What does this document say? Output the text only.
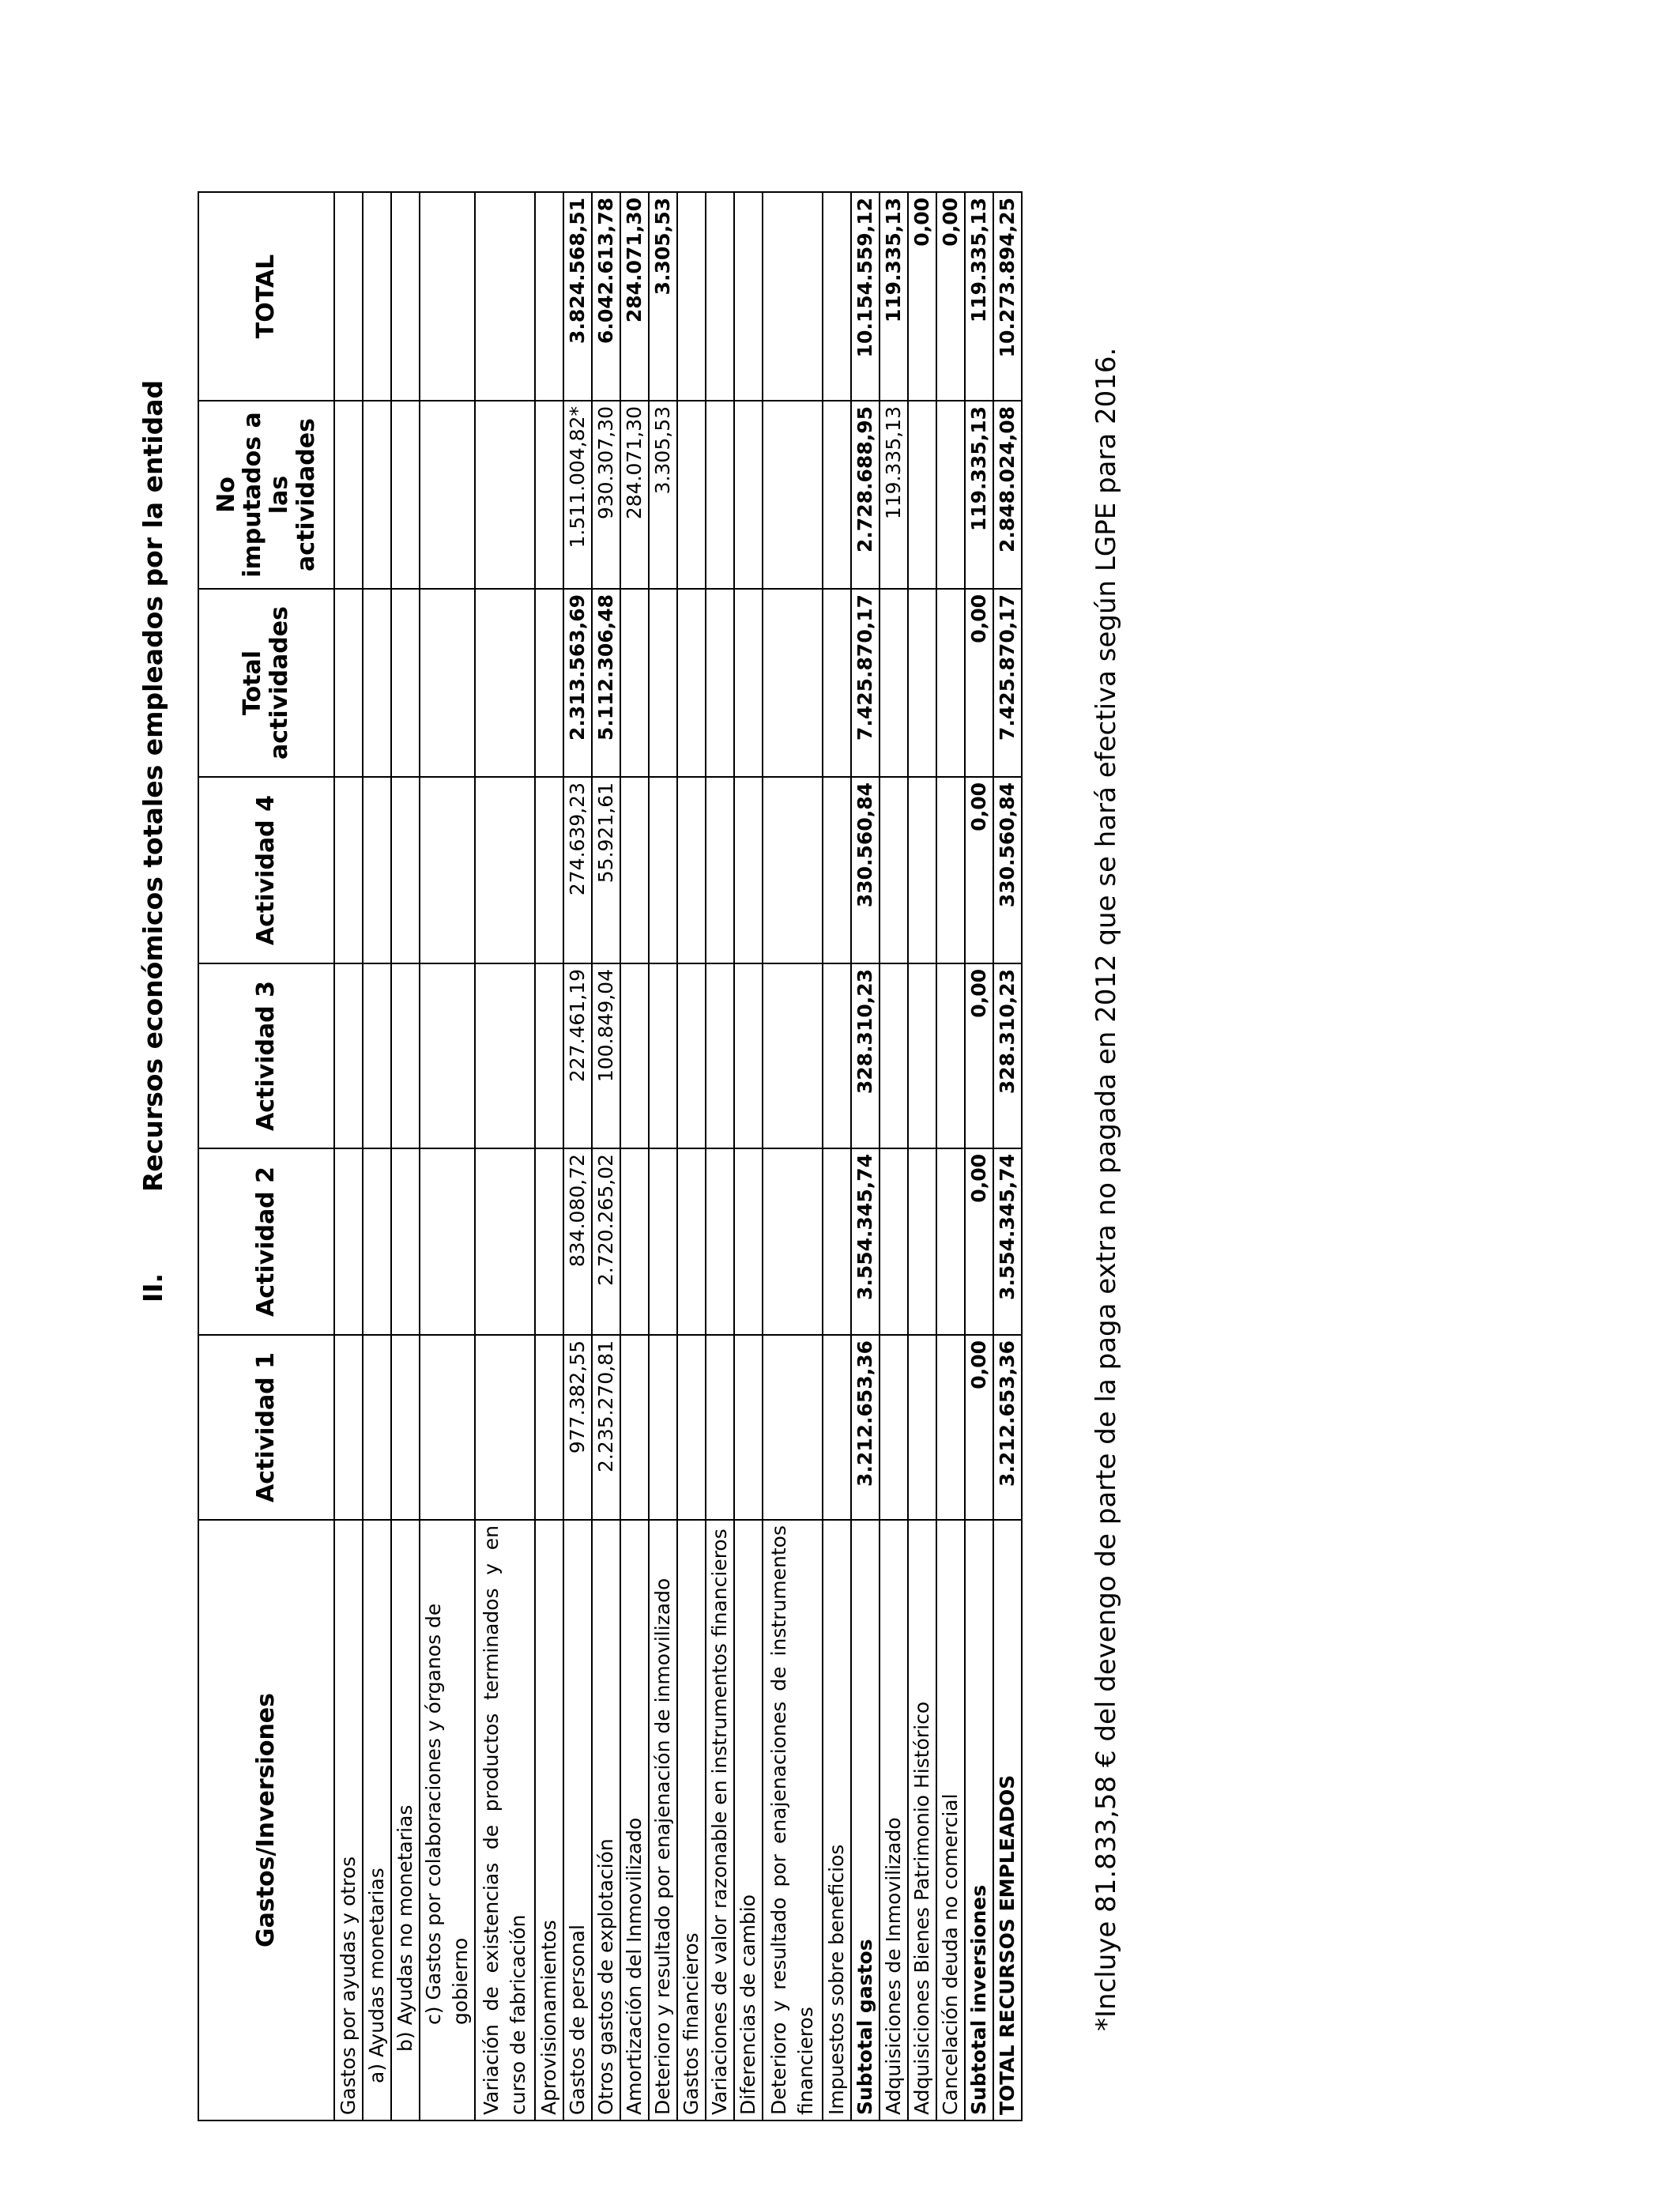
II.Recursos económicos totales empleados por la entidad
Gastos/Inversiones	Actividad 1	Actividad 2	Actividad 3	Actividad 4	Total actividades	No imputados a las actividades	TOTAL
Gastos por ayudas y otros							
a) Ayudas monetarias							
b) Ayudas no monetarias							
c) Gastos por colaboraciones y órganos de gobierno							
Variación de existencias de productos terminados y en curso de fabricación							
Aprovisionamientos							
Gastos de personal	977.382,55	834.080,72	227.461,19	274.639,23	2.313.563,69	1.511.004,82*	3.824.568,51
Otros gastos de explotación	2.235.270,81	2.720.265,02	100.849,04	55.921,61	5.112.306,48	930.307,30	6.042.613,78
Amortización del Inmovilizado						284.071,30	284.071,30
Deterioro y resultado por enajenación de inmovilizado						3.305,53	3.305,53
Gastos financieros							
Variaciones de valor razonable en instrumentos financieros							
Diferencias de cambio							
Deterioro y resultado por enajenaciones de instrumentos financieros							
Impuestos sobre beneficios							
Subtotal gastos	3.212.653,36	3.554.345,74	328.310,23	330.560,84	7.425.870,17	2.728.688,95	10.154.559,12
Adquisiciones de Inmovilizado						119.335,13	119.335,13
Adquisiciones Bienes Patrimonio Histórico							0,00
Cancelación deuda no comercial							0,00
Subtotal inversiones	0,00	0,00	0,00	0,00	0,00	119.335,13	119.335,13
TOTAL RECURSOS EMPLEADOS	3.212.653,36	3.554.345,74	328.310,23	330.560,84	7.425.870,17	2.848.024,08	10.273.894,25
*Incluye 81.833,58 € del devengo de parte de la paga extra no pagada en 2012 que se hará efectiva según LGPE para 2016.
